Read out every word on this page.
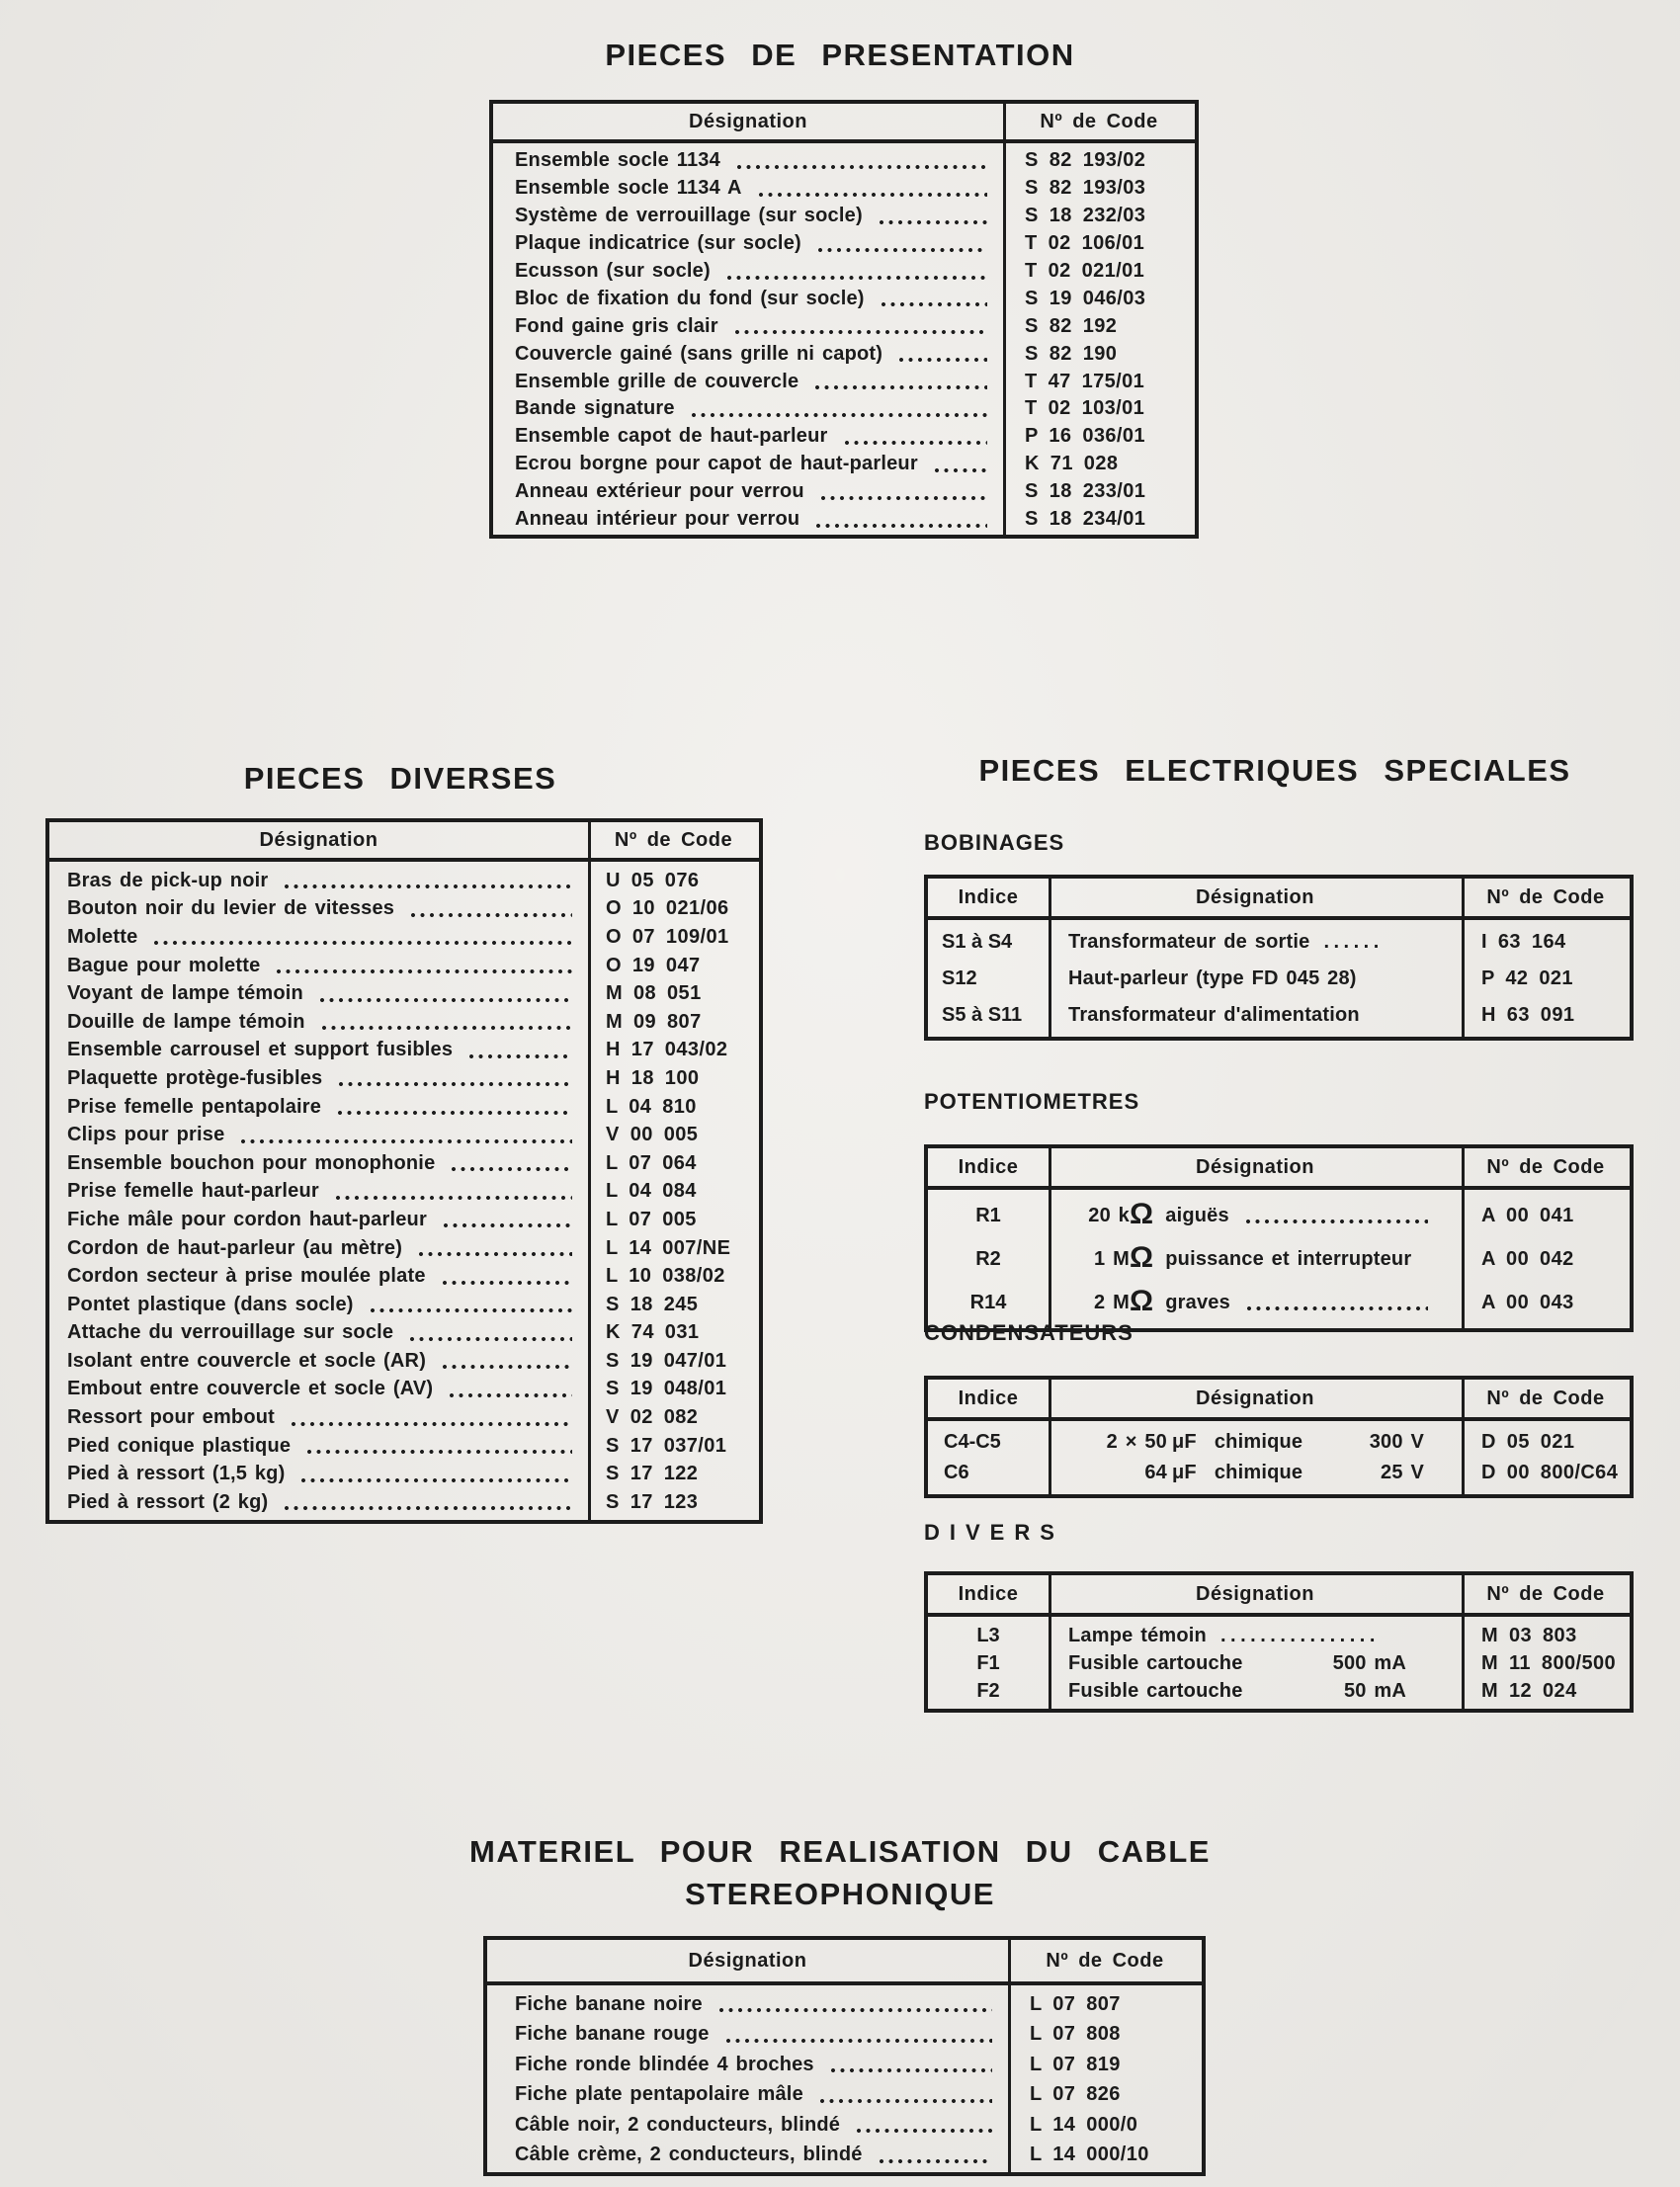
PIECES DE PRESENTATION
Désignation	Nº de Code
Ensemble socle 1134	S 82 193/02
Ensemble socle 1134 A	S 82 193/03
Système de verrouillage (sur socle)	S 18 232/03
Plaque indicatrice (sur socle)	T 02 106/01
Ecusson (sur socle)	T 02 021/01
Bloc de fixation du fond (sur socle)	S 19 046/03
Fond gaine gris clair	S 82 192
Couvercle gainé (sans grille ni capot)	S 82 190
Ensemble grille de couvercle	T 47 175/01
Bande signature	T 02 103/01
Ensemble capot de haut-parleur	P 16 036/01
Ecrou borgne pour capot de haut-parleur	K 71 028
Anneau extérieur pour verrou	S 18 233/01
Anneau intérieur pour verrou	S 18 234/01
PIECES DIVERSES
Désignation	Nº de Code
Bras de pick-up noir	U 05 076
Bouton noir du levier de vitesses	O 10 021/06
Molette	O 07 109/01
Bague pour molette	O 19 047
Voyant de lampe témoin	M 08 051
Douille de lampe témoin	M 09 807
Ensemble carrousel et support fusibles	H 17 043/02
Plaquette protège-fusibles	H 18 100
Prise femelle pentapolaire	L 04 810
Clips pour prise	V 00 005
Ensemble bouchon pour monophonie	L 07 064
Prise femelle haut-parleur	L 04 084
Fiche mâle pour cordon haut-parleur	L 07 005
Cordon de haut-parleur (au mètre)	L 14 007/NE
Cordon secteur à prise moulée plate	L 10 038/02
Pontet plastique (dans socle)	S 18 245
Attache du verrouillage sur socle	K 74 031
Isolant entre couvercle et socle (AR)	S 19 047/01
Embout entre couvercle et socle (AV)	S 19 048/01
Ressort pour embout	V 02 082
Pied conique plastique	S 17 037/01
Pied à ressort (1,5 kg)	S 17 122
Pied à ressort (2 kg)	S 17 123
PIECES ELECTRIQUES SPECIALES
BOBINAGES
Indice	Désignation	Nº de Code
S1 à S4	Transformateur de sortie ......	I 63 164
S12	Haut-parleur (type FD 045 28)	P 42 021
S5 à S11	Transformateur d'alimentation	H 63 091
POTENTIOMETRES
Indice	Désignation	Nº de Code
R1	20 k Ω aiguës	A 00 041
R2	1 M Ω puissance et interrupteur	A 00 042
R14	2 M Ω graves	A 00 043
CONDENSATEURS
Indice	Désignation	Nº de Code
C4-C5	2 × 50 μF chimique	300 V	D 05 021
C6	64 μF chimique	25 V	D 00 800/C64
DIVERS
Indice	Désignation	Nº de Code
L3	Lampe témoin ................	M 03 803
F1	Fusible cartouche	500 mA	M 11 800/500
F2	Fusible cartouche	50 mA	M 12 024
MATERIEL POUR REALISATION DU CABLE
STEREOPHONIQUE
Désignation	Nº de Code
Fiche banane noire	L 07 807
Fiche banane rouge	L 07 808
Fiche ronde blindée 4 broches	L 07 819
Fiche plate pentapolaire mâle	L 07 826
Câble noir, 2 conducteurs, blindé	L 14 000/0
Câble crème, 2 conducteurs, blindé	L 14 000/10
